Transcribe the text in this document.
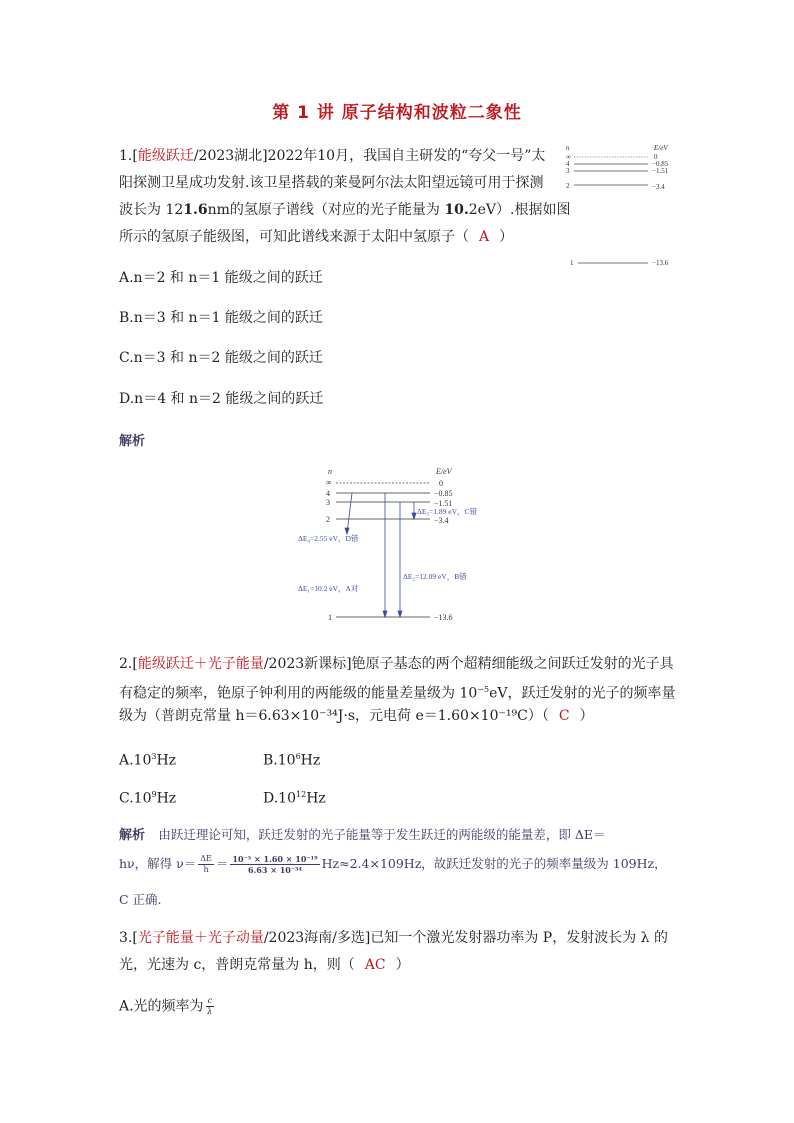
第 1 讲 原子结构和波粒二象性
1.[能级跃迁/2023湖北]2022年10月，我国自主研发的“夸父一号”太
阳探测卫星成功发射.该卫星搭载的莱曼阿尔法太阳望远镜可用于探测
波长为 121.6nm的氢原子谱线（对应的光子能量为 10.2eV）.根据如图
所示的氢原子能级图，可知此谱线来源于太阳中氢原子（ A ）
n	E/eV
∞	0
4	−0.85
3	−1.51
2	−3.4
1	−13.6
A.n＝2 和 n＝1 能级之间的跃迁
B.n＝3 和 n＝1 能级之间的跃迁
C.n＝3 和 n＝2 能级之间的跃迁
D.n＝4 和 n＝2 能级之间的跃迁
解析
n	E/eV
∞	0
4	−0.85
3	−1.51
2	−3.4
1	−13.6
ΔE₃=1.89 eV，C错
ΔE₄=2.55 eV，D错
ΔE₁=10.2 eV，A对
ΔE₂=12.09 eV，B错
2.[能级跃迁＋光子能量/2023新课标]铯原子基态的两个超精细能级之间跃迁发射的光子具
有稳定的频率，铯原子钟利用的两能级的能量差量级为 $10^{-5}eV$，跃迁发射的光子的频率量
级为（普朗克常量 h＝6.63×10⁻³⁴J·s，元电荷 e＝1.60×10⁻¹⁹C）（ C ）
$A.10^3Hz$	$B.10^6Hz$
$C.10^9Hz$	$D.10^{12}Hz$
解析 由跃迁理论可知，跃迁发射的光子能量等于发生跃迁的两能级的能量差，即 ΔE＝
hν，解得 $\nu= \frac{\Delta E}{h} = \frac{\text{10⁻⁵ × 1.60 × 10⁻¹⁹}}{\text{6.63 × 10⁻³⁴}} Hz\approx 2.4\times 109Hz$，故跃迁发射的光子的频率量级为 109Hz，
C 正确.
3.[光子能量＋光子动量/2023海南/多选]已知一个激光发射器功率为 P，发射波长为 λ 的
光，光速为 c，普朗克常量为 h，则（ AC ）
A.光的频率为 $\frac{c}{\lambda}$
